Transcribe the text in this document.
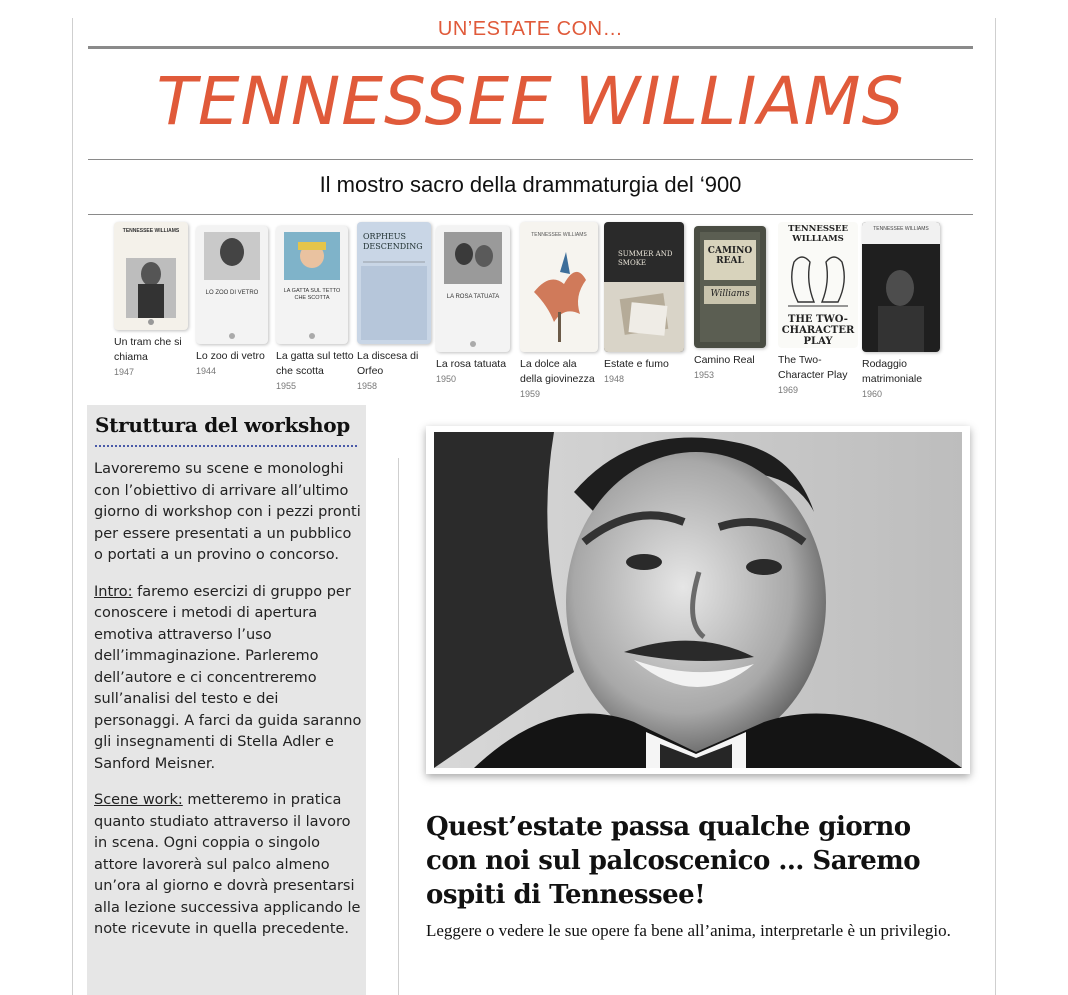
UN’ESTATE CON…
TENNESSEE WILLIAMS
Il mostro sacro della drammaturgia del ‘900
TENNESSEE WILLIAMS
Un tram che si chiama
1947
LO ZOO DI VETRO
Lo zoo di vetro
1944
LA GATTA SUL TETTO CHE SCOTTA
La gatta sul tetto che scotta
1955
ORPHEUS DESCENDING
La discesa di Orfeo
1958
LA ROSA TATUATA
La rosa tatuata
1950
TENNESSEE WILLIAMS
La dolce ala della giovinezza
1959
SUMMER AND SMOKE
Estate e fumo
1948
CAMINO REAL
Williams
Camino Real
1953
TENNESSEE WILLIAMS
THE TWO-CHARACTER PLAY
The Two-Character Play
1969
TENNESSEE WILLIAMS
Rodaggio matrimoniale
1960
Struttura del workshop

Lavoreremo su scene e monologhi con l’obiettivo di arrivare all’ultimo giorno di workshop con i pezzi pronti per essere presentati a un pubblico o portati a un provino o concorso.

Intro: faremo esercizi di gruppo per conoscere i metodi di apertura emotiva attraverso l’uso dell’immaginazione. Parleremo dell’autore e ci concentreremo sull’analisi del testo e dei personaggi. A farci da guida saranno gli insegnamenti di Stella Adler e Sanford Meisner.

Scene work: metteremo in pratica quanto studiato attraverso il lavoro in scena. Ogni coppia o singolo attore lavorerà sul palco almeno un’ora al giorno e dovrà presentarsi alla lezione successiva applicando le note ricevute in quella precedente.

Quest’estate passa qualche giorno con noi sul palcoscenico … Saremo ospiti di Tennessee!
Leggere o vedere le sue opere fa bene all’anima, interpretarle è un privilegio.
